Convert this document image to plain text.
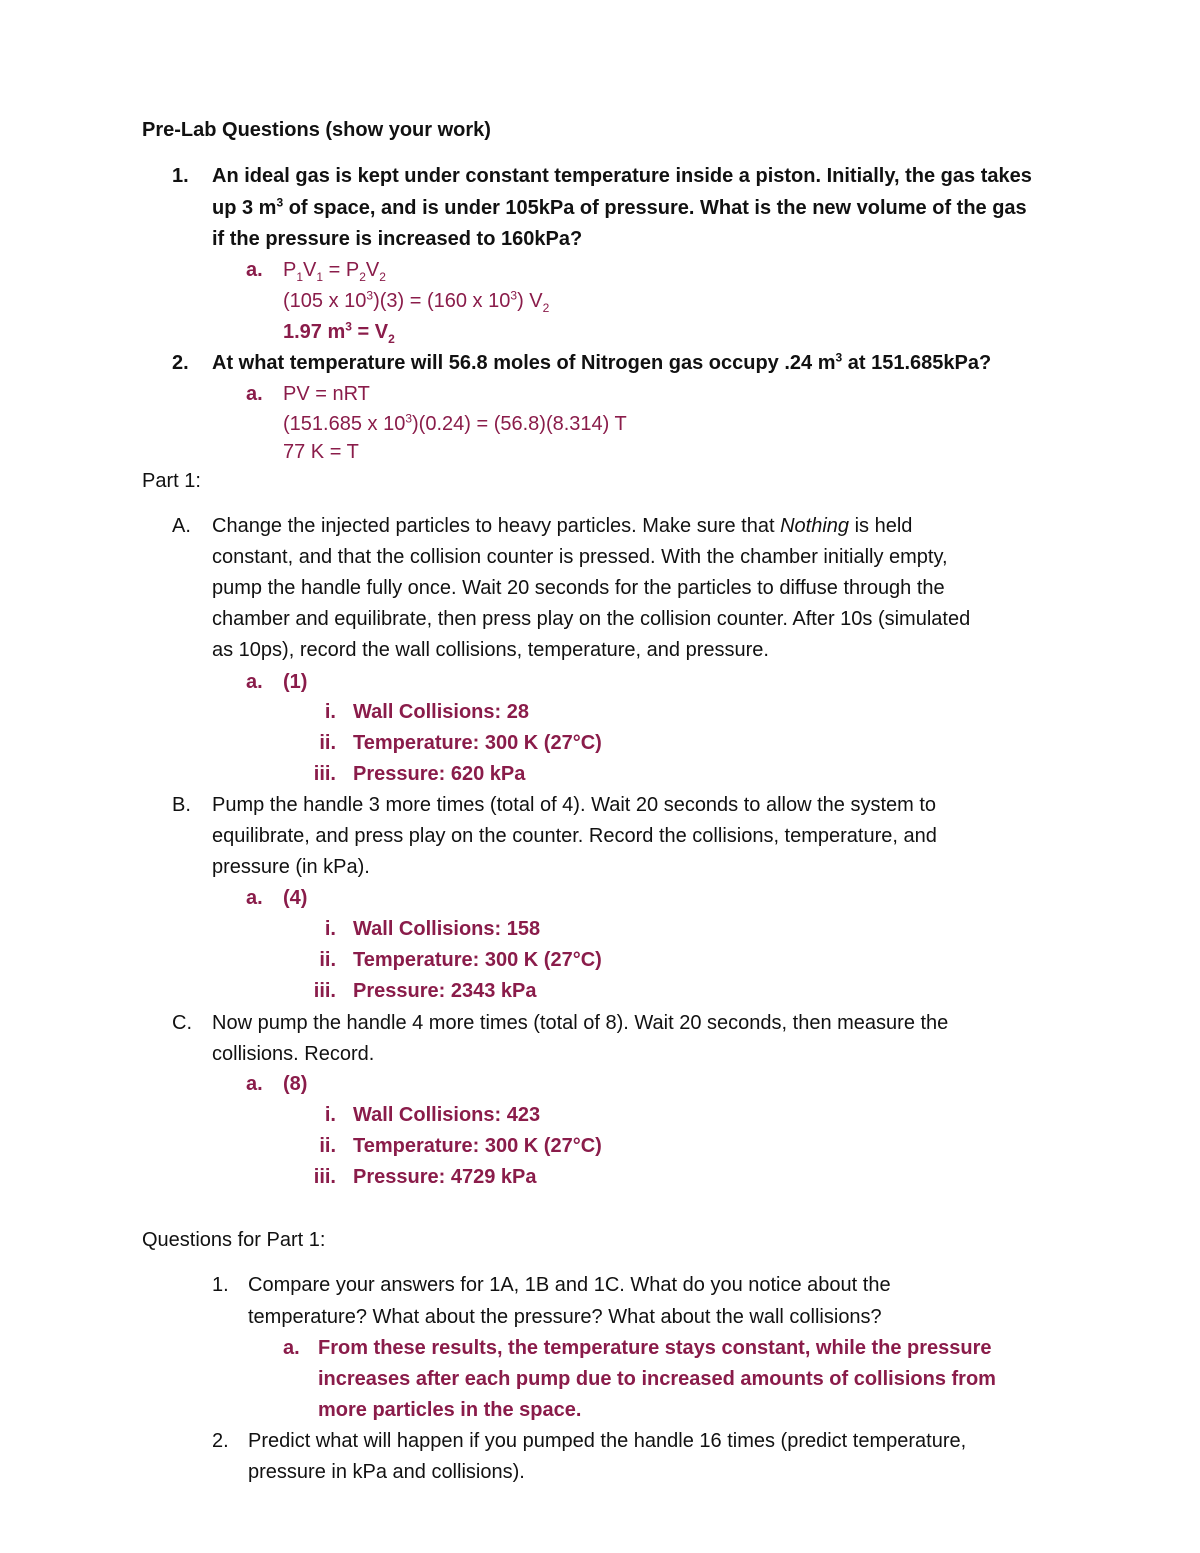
Pre-Lab Questions (show your work)
1. An ideal gas is kept under constant temperature inside a piston. Initially, the gas takes
up 3 $m^3$ of space, and is under 105kPa of pressure. What is the new volume of the gas
if the pressure is increased to 160kPa?
a. $P_1V_1 = P_2V_2$
(105 x $10^3)(3) = (160$ x $10^3$) $V_2$
1.97 $m^3 = V_2$
2. At what temperature will 56.8 moles of Nitrogen gas occupy .24 $m^3$ at 151.685kPa?
a. PV = nRT
(151.685 x $10^3)(0.24) = (56.8)(8.314)$ T
77 K = T
Part 1:
A. Change the injected particles to heavy particles. Make sure that Nothing is held
constant, and that the collision counter is pressed. With the chamber initially empty,
pump the handle fully once. Wait 20 seconds for the particles to diffuse through the
chamber and equilibrate, then press play on the collision counter. After 10s (simulated
as 10ps), record the wall collisions, temperature, and pressure.
a. (1)
i. Wall Collisions: 28
ii. Temperature: 300 K (27°C)
iii. Pressure: 620 kPa
B. Pump the handle 3 more times (total of 4). Wait 20 seconds to allow the system to
equilibrate, and press play on the counter. Record the collisions, temperature, and
pressure (in kPa).
a. (4)
i. Wall Collisions: 158
ii. Temperature: 300 K (27°C)
iii. Pressure: 2343 kPa
C. Now pump the handle 4 more times (total of 8). Wait 20 seconds, then measure the
collisions. Record.
a. (8)
i. Wall Collisions: 423
ii. Temperature: 300 K (27°C)
iii. Pressure: 4729 kPa
Questions for Part 1:
1. Compare your answers for 1A, 1B and 1C. What do you notice about the
temperature? What about the pressure? What about the wall collisions?
a. From these results, the temperature stays constant, while the pressure
increases after each pump due to increased amounts of collisions from
more particles in the space.
2. Predict what will happen if you pumped the handle 16 times (predict temperature,
pressure in kPa and collisions).
